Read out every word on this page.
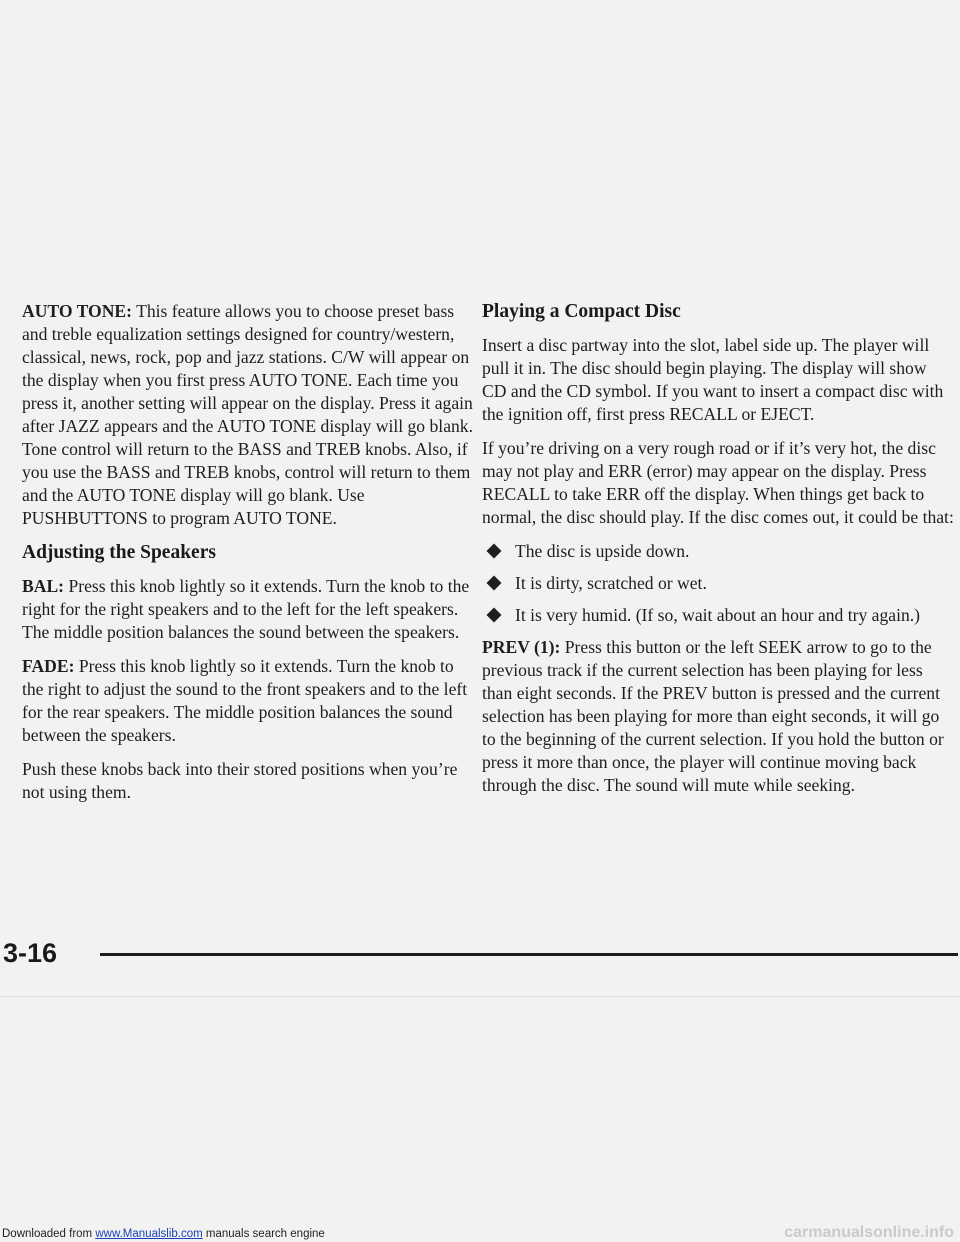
AUTO TONE: This feature allows you to choose preset bass and treble equalization settings designed for country/western, classical, news, rock, pop and jazz stations. C/W will appear on the display when you first press AUTO TONE. Each time you press it, another setting will appear on the display. Press it again after JAZZ appears and the AUTO TONE display will go blank. Tone control will return to the BASS and TREB knobs. Also, if you use the BASS and TREB knobs, control will return to them and the AUTO TONE display will go blank. Use PUSHBUTTONS to program AUTO TONE.

Adjusting the Speakers

BAL: Press this knob lightly so it extends. Turn the knob to the right for the right speakers and to the left for the left speakers. The middle position balances the sound between the speakers.

FADE: Press this knob lightly so it extends. Turn the knob to the right to adjust the sound to the front speakers and to the left for the rear speakers. The middle position balances the sound between the speakers.

Push these knobs back into their stored positions when you’re not using them.

Playing a Compact Disc

Insert a disc partway into the slot, label side up. The player will pull it in. The disc should begin playing. The display will show CD and the CD symbol. If you want to insert a compact disc with the ignition off, first press RECALL or EJECT.

If you’re driving on a very rough road or if it’s very hot, the disc may not play and ERR (error) may appear on the display. Press RECALL to take ERR off the display. When things get back to normal, the disc should play. If the disc comes out, it could be that:

The disc is upside down.
It is dirty, scratched or wet.
It is very humid. (If so, wait about an hour and try again.)

PREV (1): Press this button or the left SEEK arrow to go to the previous track if the current selection has been playing for less than eight seconds. If the PREV button is pressed and the current selection has been playing for more than eight seconds, it will go to the beginning of the current selection. If you hold the button or press it more than once, the player will continue moving back through the disc. The sound will mute while seeking.

3-16
Downloaded from www.Manualslib.com manuals search engine	carmanualsonline.info
